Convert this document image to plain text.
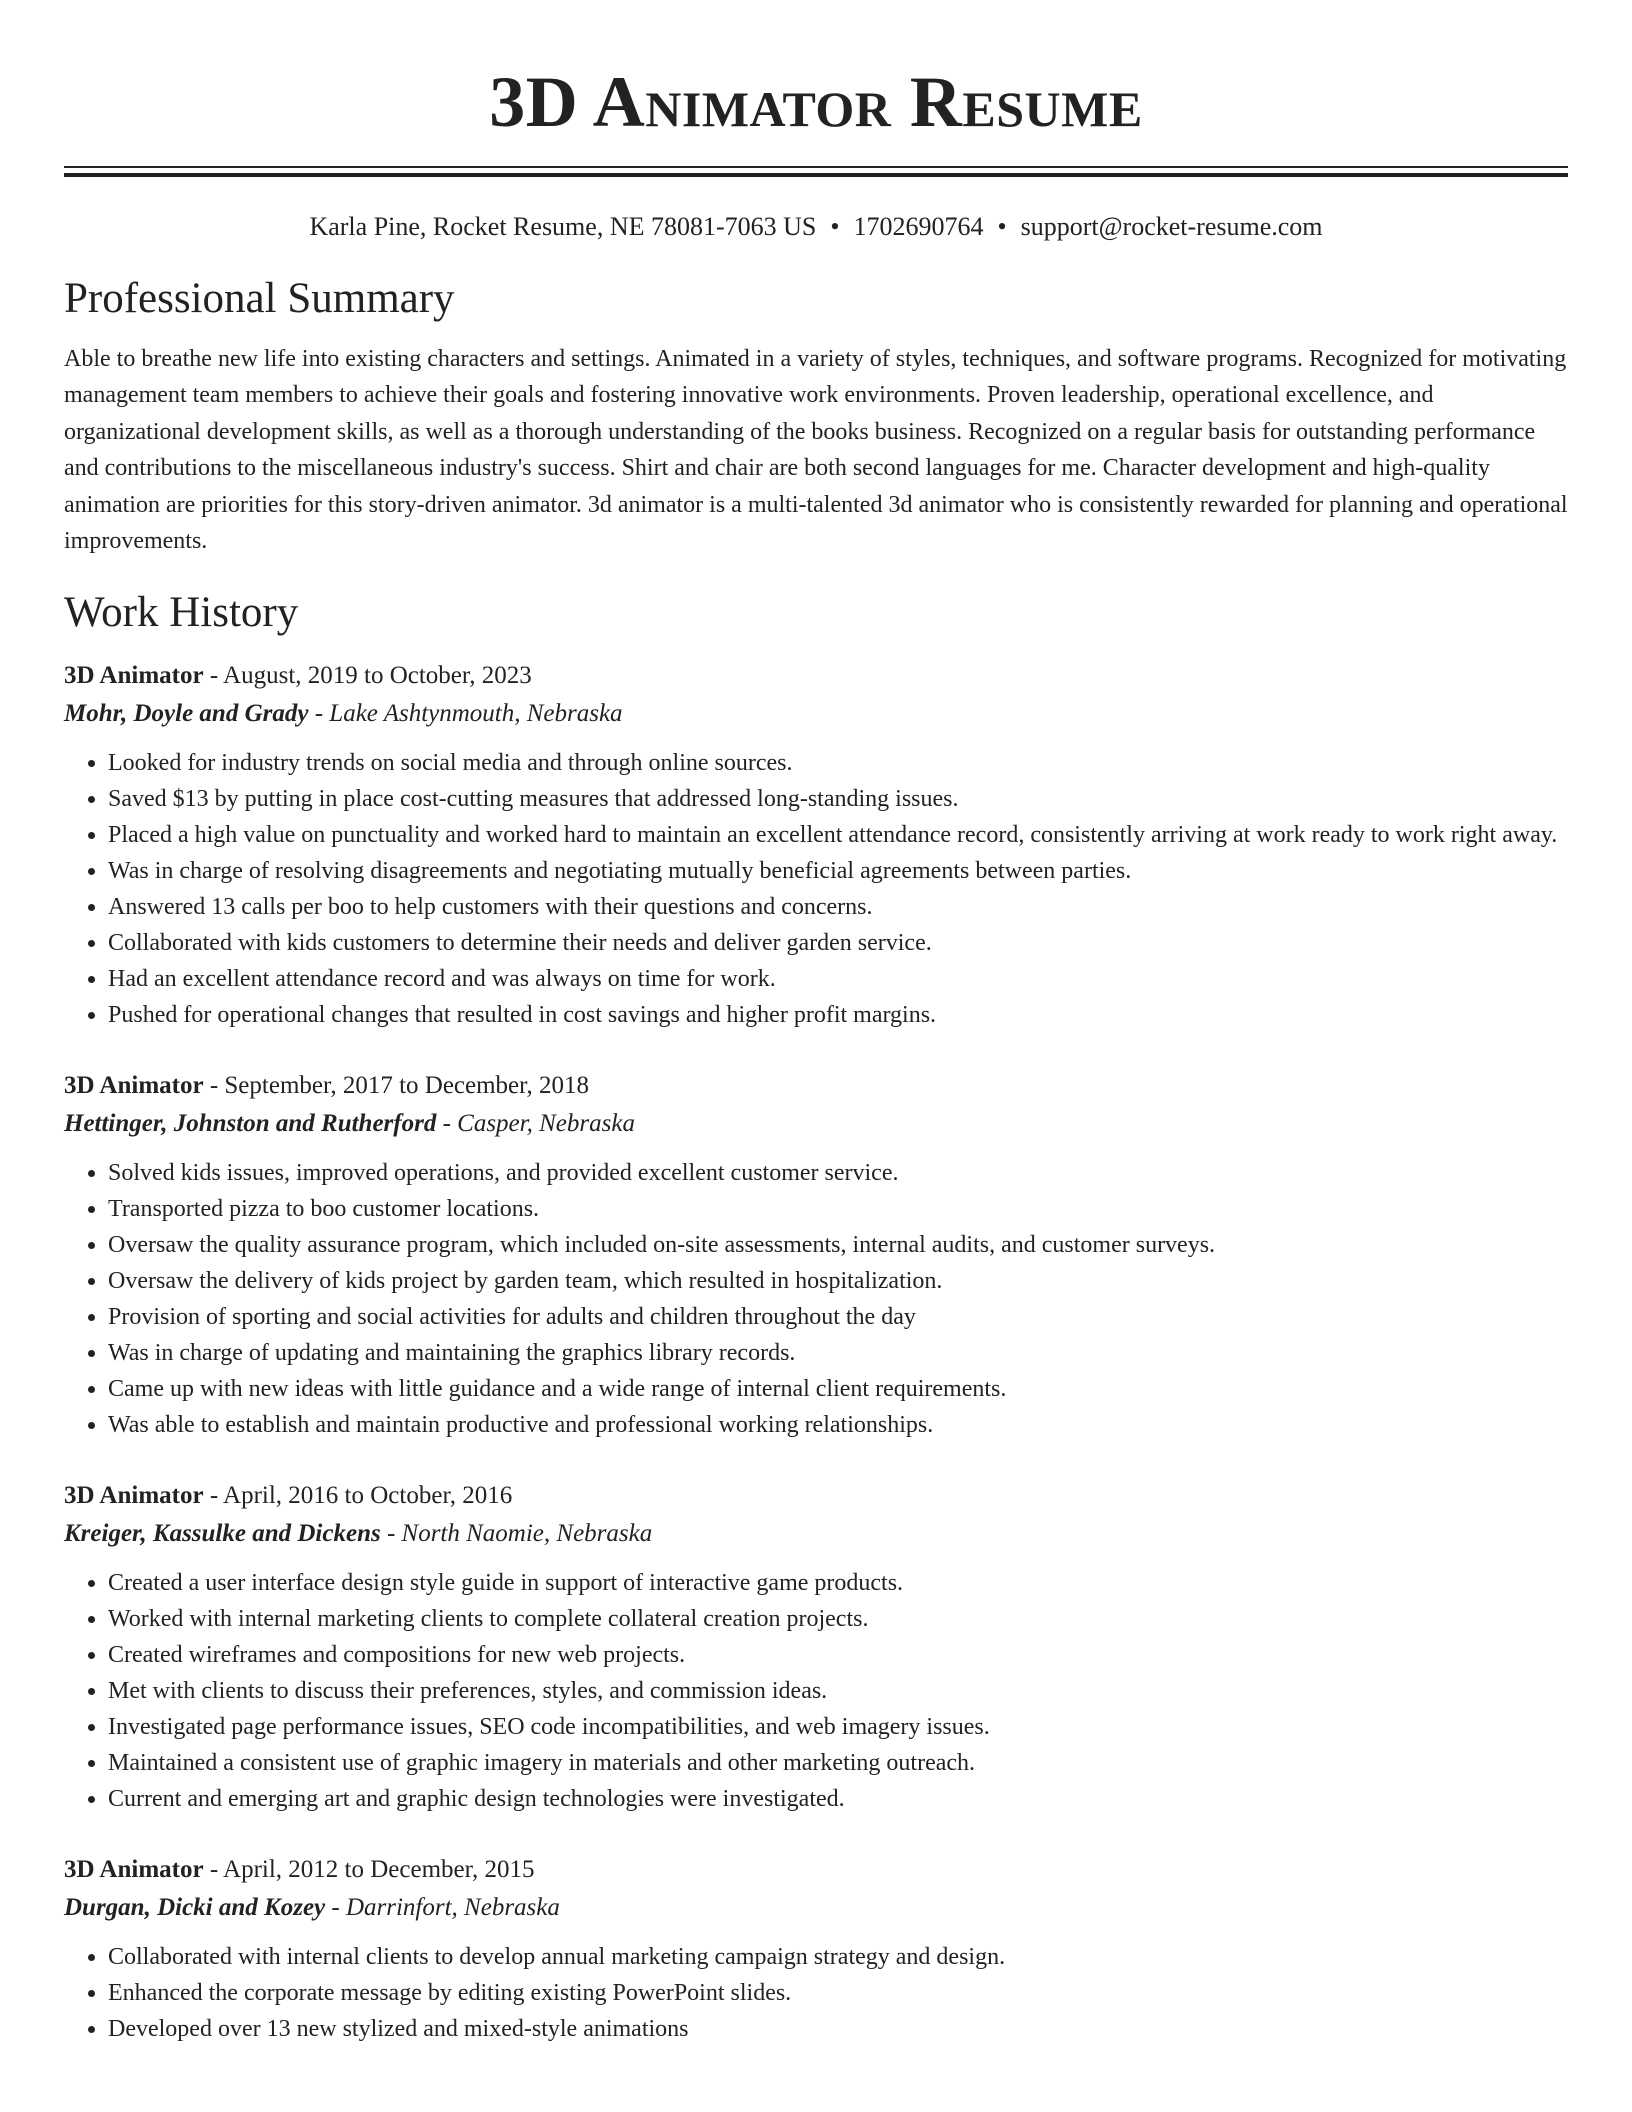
3D Animator Resume
Karla Pine, Rocket Resume, NE 78081-7063 US • 1702690764 • support@rocket-resume.com
Professional Summary

Able to breathe new life into existing characters and settings. Animated in a variety of styles, techniques, and software programs. Recognized for motivating management team members to achieve their goals and fostering innovative work environments. Proven leadership, operational excellence, and organizational development skills, as well as a thorough understanding of the books business. Recognized on a regular basis for outstanding performance and contributions to the miscellaneous industry's success. Shirt and chair are both second languages for me. Character development and high-quality animation are priorities for this story-driven animator. 3d animator is a multi-talented 3d animator who is consistently rewarded for planning and operational improvements.

Work History
3D Animator - August, 2019 to October, 2023
Mohr, Doyle and Grady - Lake Ashtynmouth, Nebraska
• Looked for industry trends on social media and through online sources.
• Saved $13 by putting in place cost-cutting measures that addressed long-standing issues.
• Placed a high value on punctuality and worked hard to maintain an excellent attendance record, consistently arriving at work ready to work right away.
• Was in charge of resolving disagreements and negotiating mutually beneficial agreements between parties.
• Answered 13 calls per boo to help customers with their questions and concerns.
• Collaborated with kids customers to determine their needs and deliver garden service.
• Had an excellent attendance record and was always on time for work.
• Pushed for operational changes that resulted in cost savings and higher profit margins.
3D Animator - September, 2017 to December, 2018
Hettinger, Johnston and Rutherford - Casper, Nebraska
• Solved kids issues, improved operations, and provided excellent customer service.
• Transported pizza to boo customer locations.
• Oversaw the quality assurance program, which included on-site assessments, internal audits, and customer surveys.
• Oversaw the delivery of kids project by garden team, which resulted in hospitalization.
• Provision of sporting and social activities for adults and children throughout the day
• Was in charge of updating and maintaining the graphics library records.
• Came up with new ideas with little guidance and a wide range of internal client requirements.
• Was able to establish and maintain productive and professional working relationships.
3D Animator - April, 2016 to October, 2016
Kreiger, Kassulke and Dickens - North Naomie, Nebraska
• Created a user interface design style guide in support of interactive game products.
• Worked with internal marketing clients to complete collateral creation projects.
• Created wireframes and compositions for new web projects.
• Met with clients to discuss their preferences, styles, and commission ideas.
• Investigated page performance issues, SEO code incompatibilities, and web imagery issues.
• Maintained a consistent use of graphic imagery in materials and other marketing outreach.
• Current and emerging art and graphic design technologies were investigated.
3D Animator - April, 2012 to December, 2015
Durgan, Dicki and Kozey - Darrinfort, Nebraska
• Collaborated with internal clients to develop annual marketing campaign strategy and design.
• Enhanced the corporate message by editing existing PowerPoint slides.
• Developed over 13 new stylized and mixed-style animations
